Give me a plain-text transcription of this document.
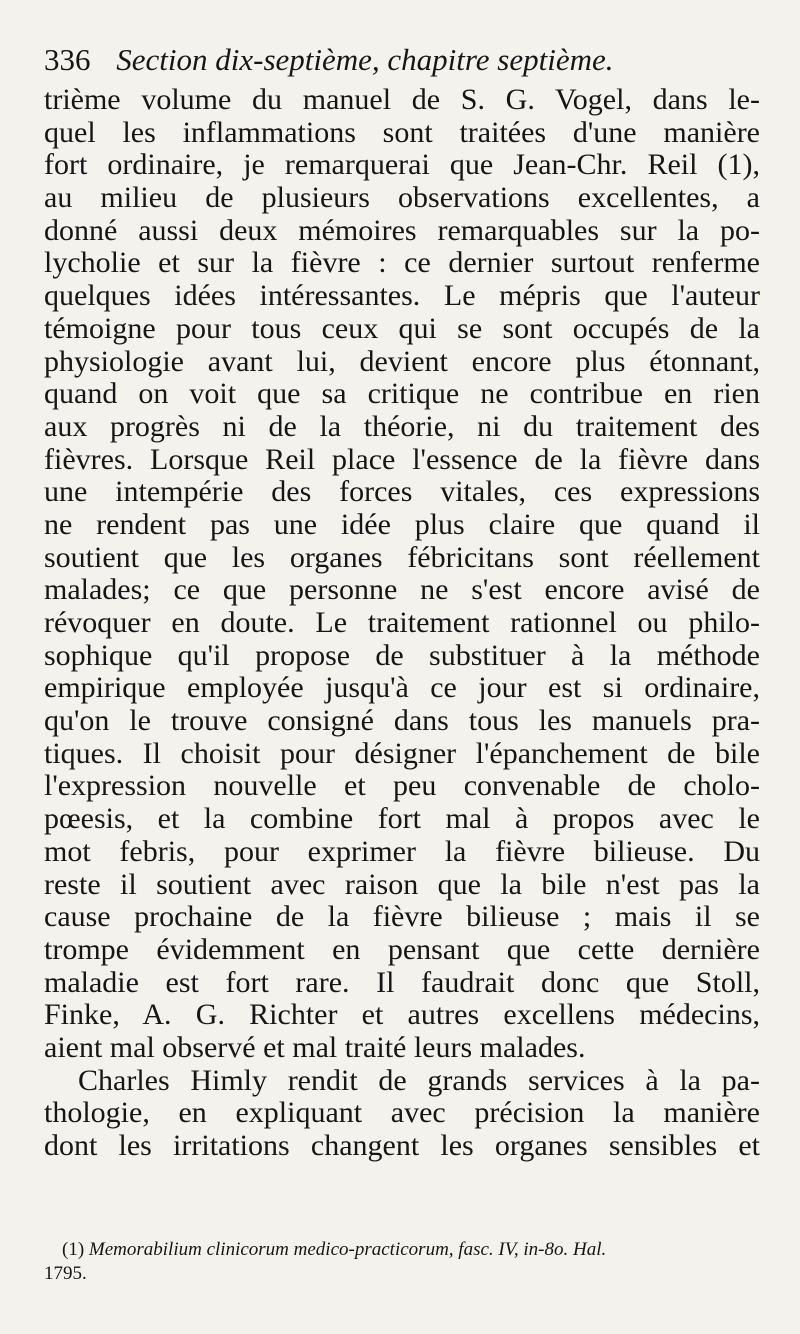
336 Section dix-septième, chapitre septième.
trième volume du manuel de S. G. Vogel, dans le-
quel les inflammations sont traitées d'une manière
fort ordinaire, je remarquerai que Jean-Chr. Reil (1),
au milieu de plusieurs observations excellentes, a
donné aussi deux mémoires remarquables sur la po-
lycholie et sur la fièvre : ce dernier surtout renferme
quelques idées intéressantes. Le mépris que l'auteur
témoigne pour tous ceux qui se sont occupés de la
physiologie avant lui, devient encore plus étonnant,
quand on voit que sa critique ne contribue en rien
aux progrès ni de la théorie, ni du traitement des
fièvres. Lorsque Reil place l'essence de la fièvre dans
une intempérie des forces vitales, ces expressions
ne rendent pas une idée plus claire que quand il
soutient que les organes fébricitans sont réellement
malades; ce que personne ne s'est encore avisé de
révoquer en doute. Le traitement rationnel ou philo-
sophique qu'il propose de substituer à la méthode
empirique employée jusqu'à ce jour est si ordinaire,
qu'on le trouve consigné dans tous les manuels pra-
tiques. Il choisit pour désigner l'épanchement de bile
l'expression nouvelle et peu convenable de cholo-
pœesis, et la combine fort mal à propos avec le
mot febris, pour exprimer la fièvre bilieuse. Du
reste il soutient avec raison que la bile n'est pas la
cause prochaine de la fièvre bilieuse ; mais il se
trompe évidemment en pensant que cette dernière
maladie est fort rare. Il faudrait donc que Stoll,
Finke, A. G. Richter et autres excellens médecins,
aient mal observé et mal traité leurs malades.
Charles Himly rendit de grands services à la pa-
thologie, en expliquant avec précision la manière
dont les irritations changent les organes sensibles et
(1) Memorabilium clinicorum medico-practicorum, fasc. IV, in-8o. Hal.
1795.
